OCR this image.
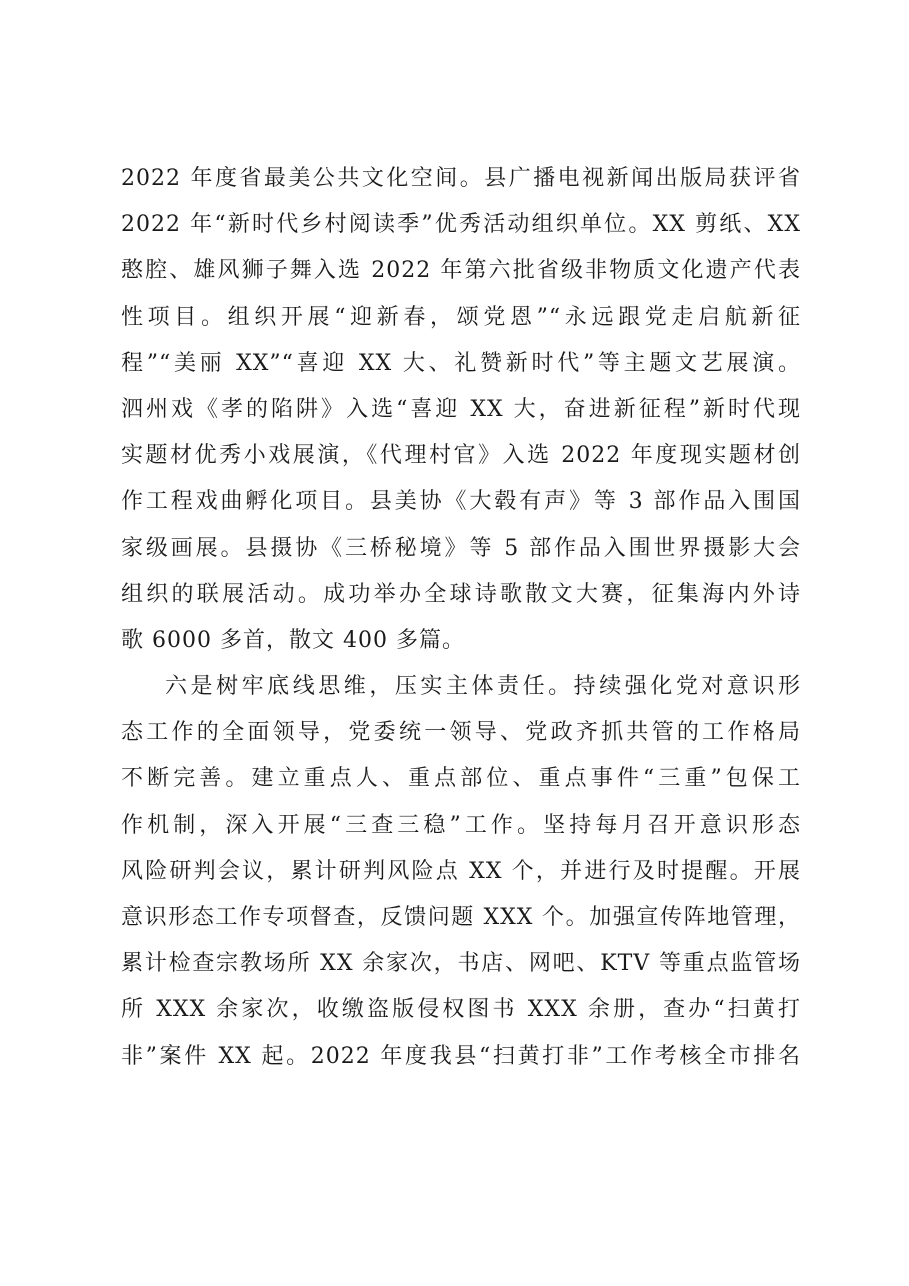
2022 年度省最美公共文化空间。县广播电视新闻出版局获评省
2022 年“新时代乡村阅读季”优秀活动组织单位。XX 剪纸、XX
憨腔、雄风狮子舞入选 2022 年第六批省级非物质文化遗产代表
性项目。组织开展“迎新春，颂党恩”“永远跟党走启航新征
程”“美丽 XX”“喜迎 XX 大、礼赞新时代”等主题文艺展演。
泗州戏《孝的陷阱》入选“喜迎 XX 大，奋进新征程”新时代现
实题材优秀小戏展演，《代理村官》入选 2022 年度现实题材创
作工程戏曲孵化项目。县美协《大毂有声》等 3 部作品入围国
家级画展。县摄协《三桥秘境》等 5 部作品入围世界摄影大会
组织的联展活动。成功举办全球诗歌散文大赛，征集海内外诗
歌 6000 多首，散文 400 多篇。
六是树牢底线思维，压实主体责任。持续强化党对意识形
态工作的全面领导，党委统一领导、党政齐抓共管的工作格局
不断完善。建立重点人、重点部位、重点事件“三重”包保工
作机制，深入开展“三查三稳”工作。坚持每月召开意识形态
风险研判会议，累计研判风险点 XX 个，并进行及时提醒。开展
意识形态工作专项督查，反馈问题 XXX 个。加强宣传阵地管理，
累计检查宗教场所 XX 余家次，书店、网吧、KTV 等重点监管场
所 XXX 余家次，收缴盗版侵权图书 XXX 余册，查办“扫黄打
非”案件 XX 起。2022 年度我县“扫黄打非”工作考核全市排名
